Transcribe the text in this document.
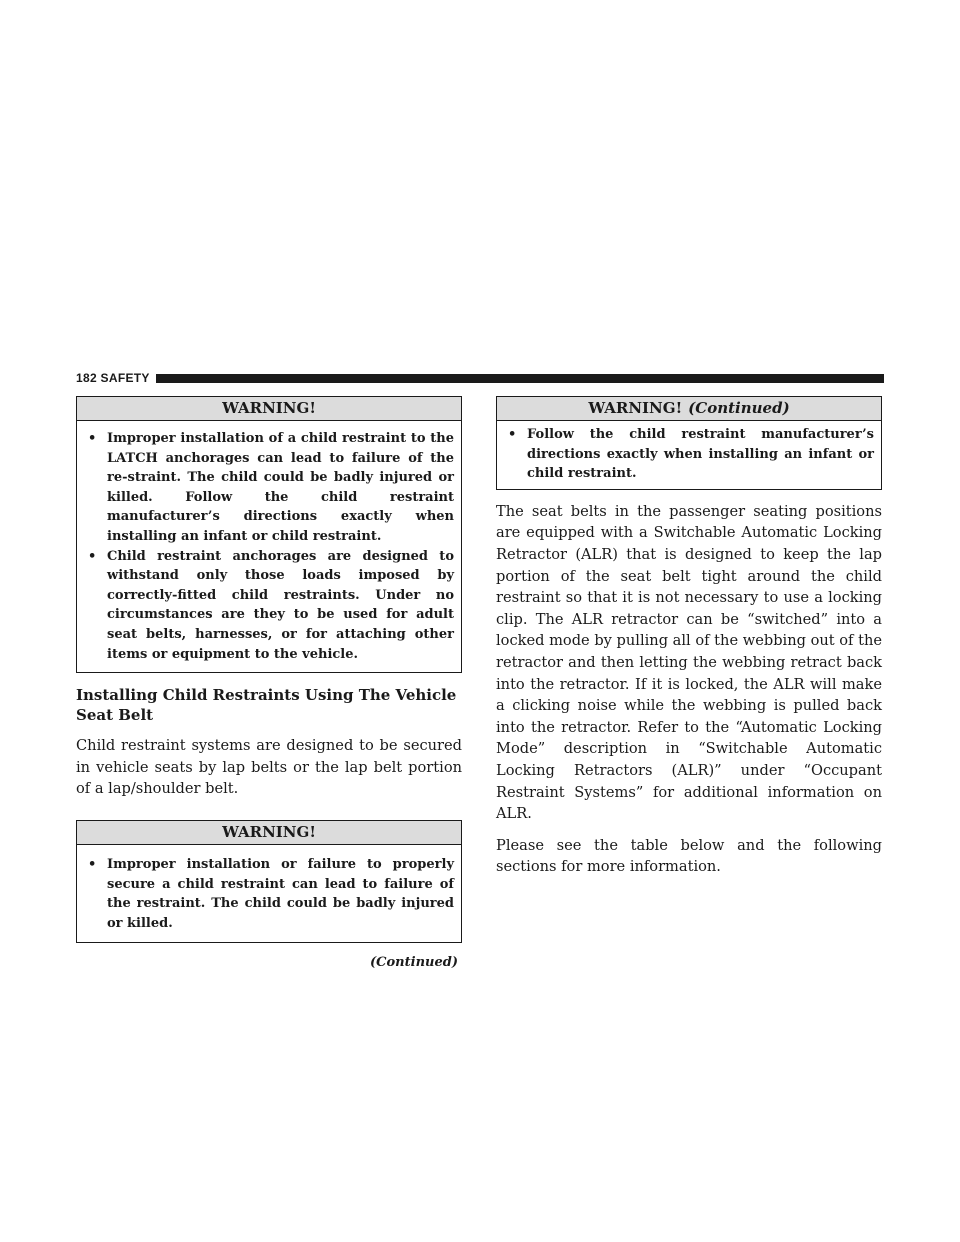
182 SAFETY
WARNING!
• Improper installation of a child restraint to the LATCH anchorages can lead to failure of the re-straint. The child could be badly injured or killed. Follow the child restraint manufacturer’s directions exactly when installing an infant or child restraint.
• Child restraint anchorages are designed to withstand only those loads imposed by correctly-fitted child restraints. Under no circumstances are they to be used for adult seat belts, harnesses, or for attaching other items or equipment to the vehicle.
Installing Child Restraints Using The Vehicle Seat Belt

Child restraint systems are designed to be secured in vehicle seats by lap belts or the lap belt portion of a lap/shoulder belt.

WARNING!
• Improper installation or failure to properly secure a child restraint can lead to failure of the restraint. The child could be badly injured or killed.
(Continued)
WARNING! (Continued)
• Follow the child restraint manufacturer’s directions exactly when installing an infant or child restraint.

The seat belts in the passenger seating positions are equipped with a Switchable Automatic Locking Retractor (ALR) that is designed to keep the lap portion of the seat belt tight around the child restraint so that it is not necessary to use a locking clip. The ALR retractor can be “switched” into a locked mode by pulling all of the webbing out of the retractor and then letting the webbing retract back into the retractor. If it is locked, the ALR will make a clicking noise while the webbing is pulled back into the retractor. Refer to the “Automatic Locking Mode” description in “Switchable Automatic Locking Retractors (ALR)” under “Occupant Restraint Systems” for additional information on ALR.

Please see the table below and the following sections for more information.
